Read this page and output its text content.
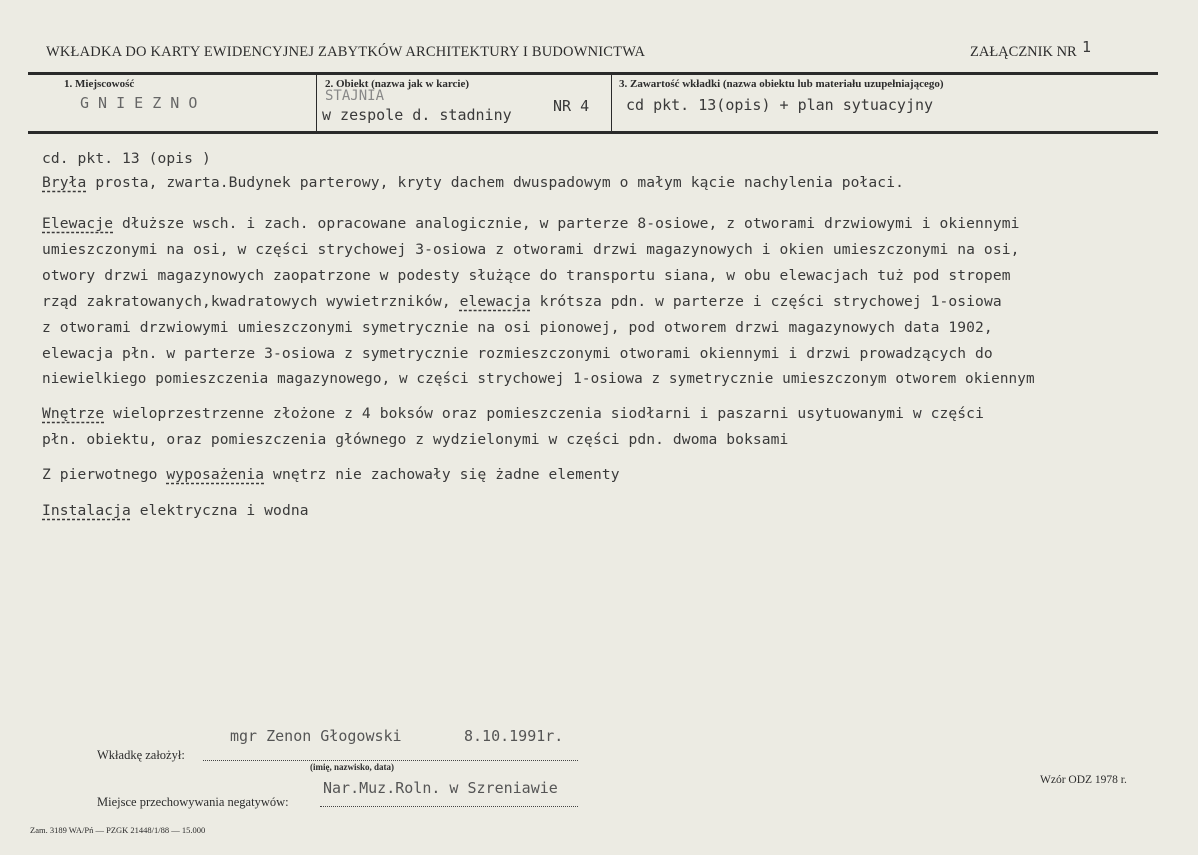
WKŁADKA DO KARTY EWIDENCYJNEJ ZABYTKÓW ARCHITEKTURY I BUDOWNICTWA	ZAŁĄCZNIK NR 1
1. Miejscowość
G N I E Z N O
2. Obiekt (nazwa jak w karcie)
STAJNIA
w zespole d. stadniny	NR 4
3. Zawartość wkładki (nazwa obiektu lub materiału uzupełniającego)
cd pkt. 13(opis) + plan sytuacyjny
cd. pkt. 13 (opis )
Bryła prosta, zwarta.Budynek parterowy, kryty dachem dwuspadowym o małym kącie nachylenia połaci.
Elewacje dłuższe wsch. i zach. opracowane analogicznie, w parterze 8-osiowe, z otworami drzwiowymi i okiennymi
umieszczonymi na osi, w części strychowej 3-osiowa z otworami drzwi magazynowych i okien umieszczonymi na osi,
otwory drzwi magazynowych zaopatrzone w podesty służące do transportu siana, w obu elewacjach tuż pod stropem
rząd zakratowanych,kwadratowych wywietrzników, elewacja krótsza pdn. w parterze i części strychowej 1-osiowa
z otworami drzwiowymi umieszczonymi symetrycznie na osi pionowej, pod otworem drzwi magazynowych data 1902,
elewacja płn. w parterze 3-osiowa z symetrycznie rozmieszczonymi otworami okiennymi i drzwi prowadzących do
niewielkiego pomieszczenia magazynowego, w części strychowej 1-osiowa z symetrycznie umieszczonym otworem okiennym
Wnętrze wieloprzestrzenne złożone z 4 boksów oraz pomieszczenia siodłarni i paszarni usytuowanymi w części
płn. obiektu, oraz pomieszczenia głównego z wydzielonymi w części pdn. dwoma boksami
Z pierwotnego wyposażenia wnętrz nie zachowały się żadne elementy
Instalacja elektryczna i wodna
mgr Zenon Głogowski	8.10.1991r.
Wkładkę założył:
(imię, nazwisko, data)
Nar.Muz.Roln. w Szreniawie
Miejsce przechowywania negatywów:
Wzór ODZ 1978 r.
Zam. 3189 WA/Pń — PZGK 21448/1/88 — 15.000
